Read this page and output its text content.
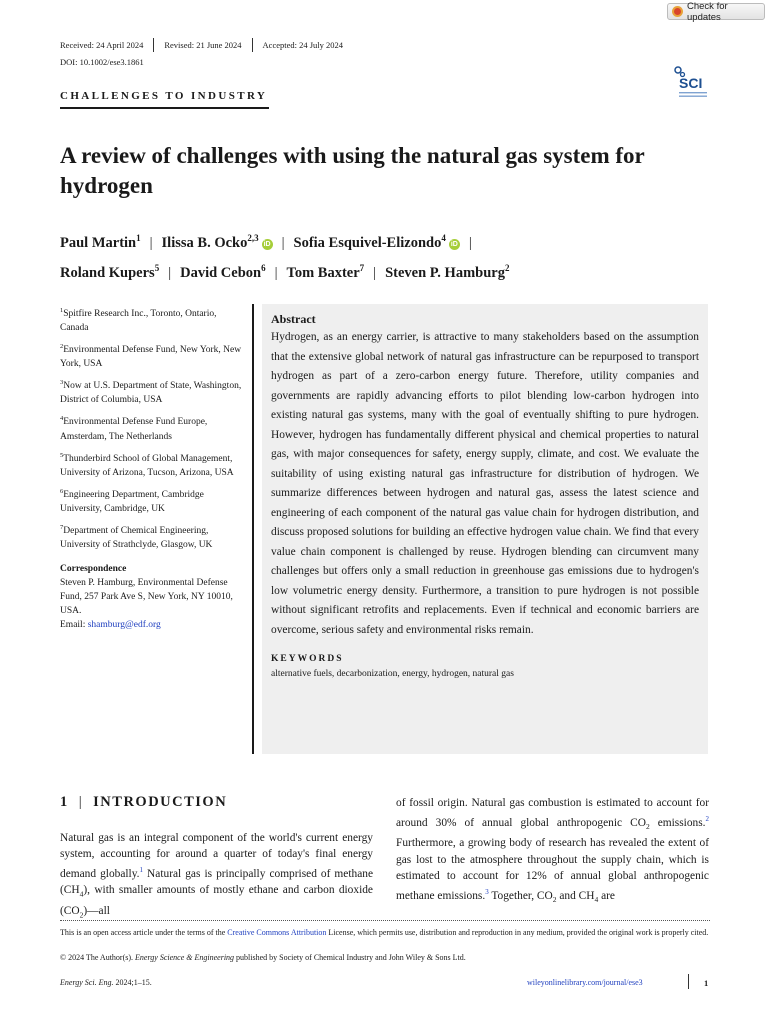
Check for updates
Received: 24 April 2024 Revised: 21 June 2024 Accepted: 24 July 2024
DOI: 10.1002/ese3.1861
CHALLENGES TO INDUSTRY
SCI
A review of challenges with using the natural gas system for hydrogen
Paul Martin$^1$ | Ilissa B. Ocko$^{2,3}$iD | Sofia Esquivel-Elizondo$^4$iD |
Roland Kupers$^5$ | David Cebon$^6$ | Tom Baxter$^7$ | Steven P. Hamburg$^2$

$^1$Spitfire Research Inc., Toronto, Ontario, Canada

$^2$Environmental Defense Fund, New York, New York, USA

$^3$Now at U.S. Department of State, Washington, District of Columbia, USA

$^4$Environmental Defense Fund Europe, Amsterdam, The Netherlands

$^5$Thunderbird School of Global Management, University of Arizona, Tucson, Arizona, USA

$^6$Engineering Department, Cambridge University, Cambridge, UK

$^7$Department of Chemical Engineering, University of Strathclyde, Glasgow, UK

Correspondence

Steven P. Hamburg, Environmental Defense Fund, 257 Park Ave S, New York, NY 10010, USA.
Email: shamburg@edf.org

Abstract
Hydrogen, as an energy carrier, is attractive to many stakeholders based on the assumption that the extensive global network of natural gas infrastructure can be repurposed to transport hydrogen as part of a zero-carbon energy future. Therefore, utility companies and governments are rapidly advancing efforts to pilot blending low-carbon hydrogen into existing natural gas systems, many with the goal of eventually shifting to pure hydrogen. However, hydrogen has fundamentally different physical and chemical properties to natural gas, with major consequences for safety, energy supply, climate, and cost. We evaluate the suitability of using existing natural gas infrastructure for distribution of hydrogen. We summarize differences between hydrogen and natural gas, assess the latest science and engineering of each component of the natural gas value chain for hydrogen distribution, and discuss proposed solutions for building an effective hydrogen value chain. We find that every value chain component is challenged by reuse. Hydrogen blending can circumvent many challenges but offers only a small reduction in greenhouse gas emissions due to hydrogen's low volumetric energy density. Furthermore, a transition to pure hydrogen is not possible without significant retrofits and replacements. Even if technical and economic barriers are overcome, serious safety and environmental risks remain.
KEYWORDS
alternative fuels, decarbonization, energy, hydrogen, natural gas
1 | INTRODUCTION
Natural gas is an integral component of the world's current energy system, accounting for around a quarter of today's final energy demand globally.$^1$ Natural gas is principally comprised of methane $(CH_4)$, with smaller amounts of mostly ethane and carbon dioxide $(CO_2)—all$
of fossil origin. Natural gas combustion is estimated to account for around 30% of annual global anthropogenic $CO_2$ emissions.$^2$ Furthermore, a growing body of research has revealed the extent of gas lost to the atmosphere throughout the supply chain, which is estimated to account for 12% of annual global anthropogenic methane emissions.$^3$ Together, $CO_2$ and $CH_4$ are
This is an open access article under the terms of the Creative Commons Attribution License, which permits use, distribution and reproduction in any medium, provided the original work is properly cited.
© 2024 The Author(s). Energy Science & Engineering published by Society of Chemical Industry and John Wiley & Sons Ltd.
Energy Sci. Eng. 2024;1–15.	wileyonlinelibrary.com/journal/ese3	1
